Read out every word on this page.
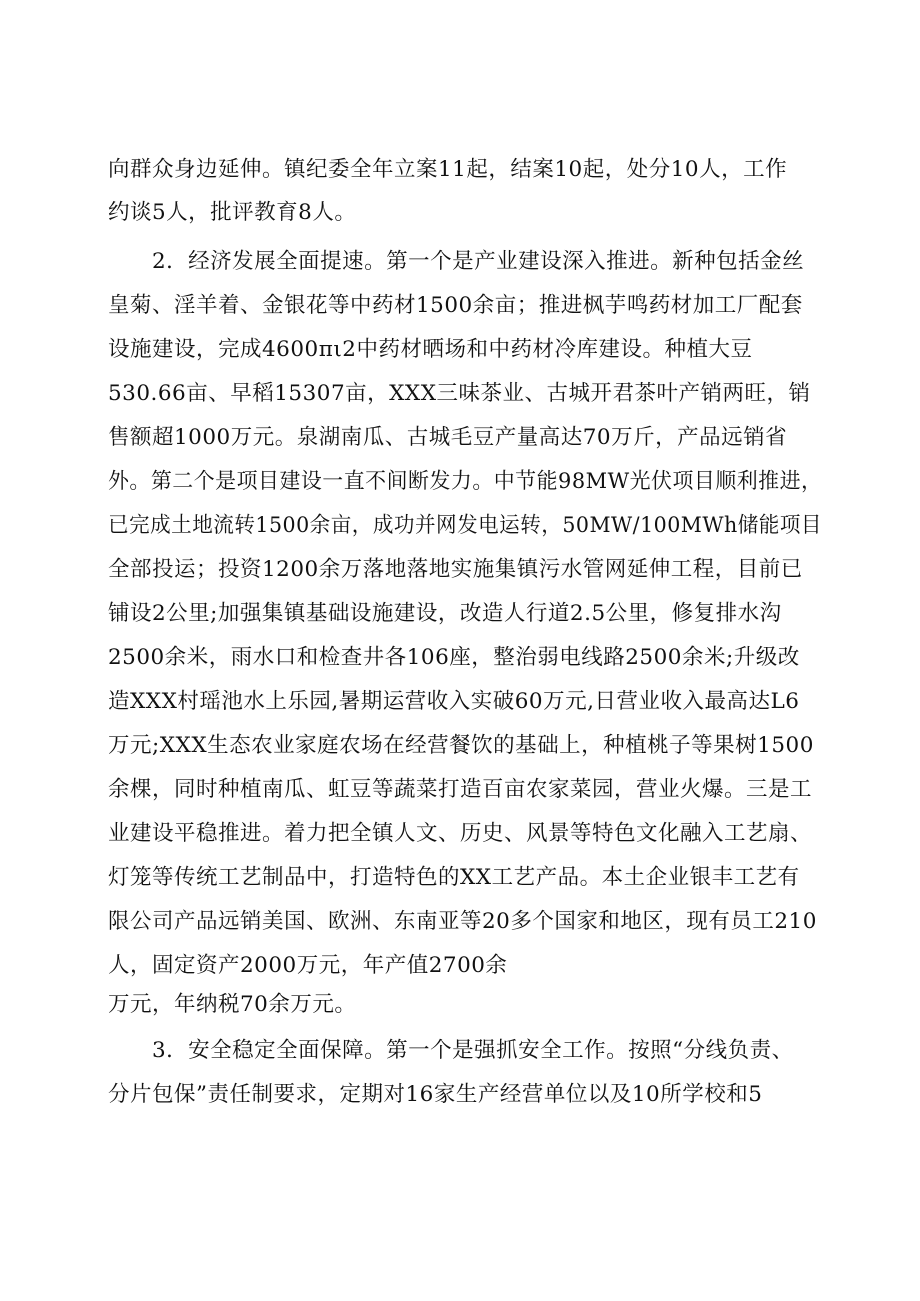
向群众身边延伸。镇纪委全年立案11起，结案10起，处分10人，工作
约谈5人，批评教育8人。
　　2．经济发展全面提速。第一个是产业建设深入推进。新种包括金丝
皇菊、淫羊着、金银花等中药材1500余亩；推进枫芋鸣药材加工厂配套
设施建设，完成4600πι2中药材晒场和中药材冷库建设。种植大豆
530.66亩、早稻15307亩，XXX三味茶业、古城开君茶叶产销两旺，销
售额超1000万元。泉湖南瓜、古城毛豆产量高达70万斤，产品远销省
外。第二个是项目建设一直不间断发力。中节能98MW光伏项目顺利推进，
已完成土地流转1500余亩，成功并网发电运转，50MW/100MWh储能项目
全部投运；投资1200余万落地落地实施集镇污水管网延伸工程，目前已
铺设2公里;加强集镇基础设施建设，改造人行道2.5公里，修复排水沟
2500余米，雨水口和检查井各106座，整治弱电线路2500余米;升级改
造XXX村瑶池水上乐园,暑期运营收入实破60万元,日营业收入最高达L6
万元;XXX生态农业家庭农场在经营餐饮的基础上，种植桃子等果树1500
余棵，同时种植南瓜、虹豆等蔬菜打造百亩农家菜园，营业火爆。三是工
业建设平稳推进。着力把全镇人文、历史、风景等特色文化融入工艺扇、
灯笼等传统工艺制品中，打造特色的XX工艺产品。本土企业银丰工艺有
限公司产品远销美国、欧洲、东南亚等20多个国家和地区，现有员工210
人，固定资产2000万元，年产值2700余
万元，年纳税70余万元。
　　3．安全稳定全面保障。第一个是强抓安全工作。按照“分线负责、
分片包保”责任制要求，定期对16家生产经营单位以及10所学校和5
